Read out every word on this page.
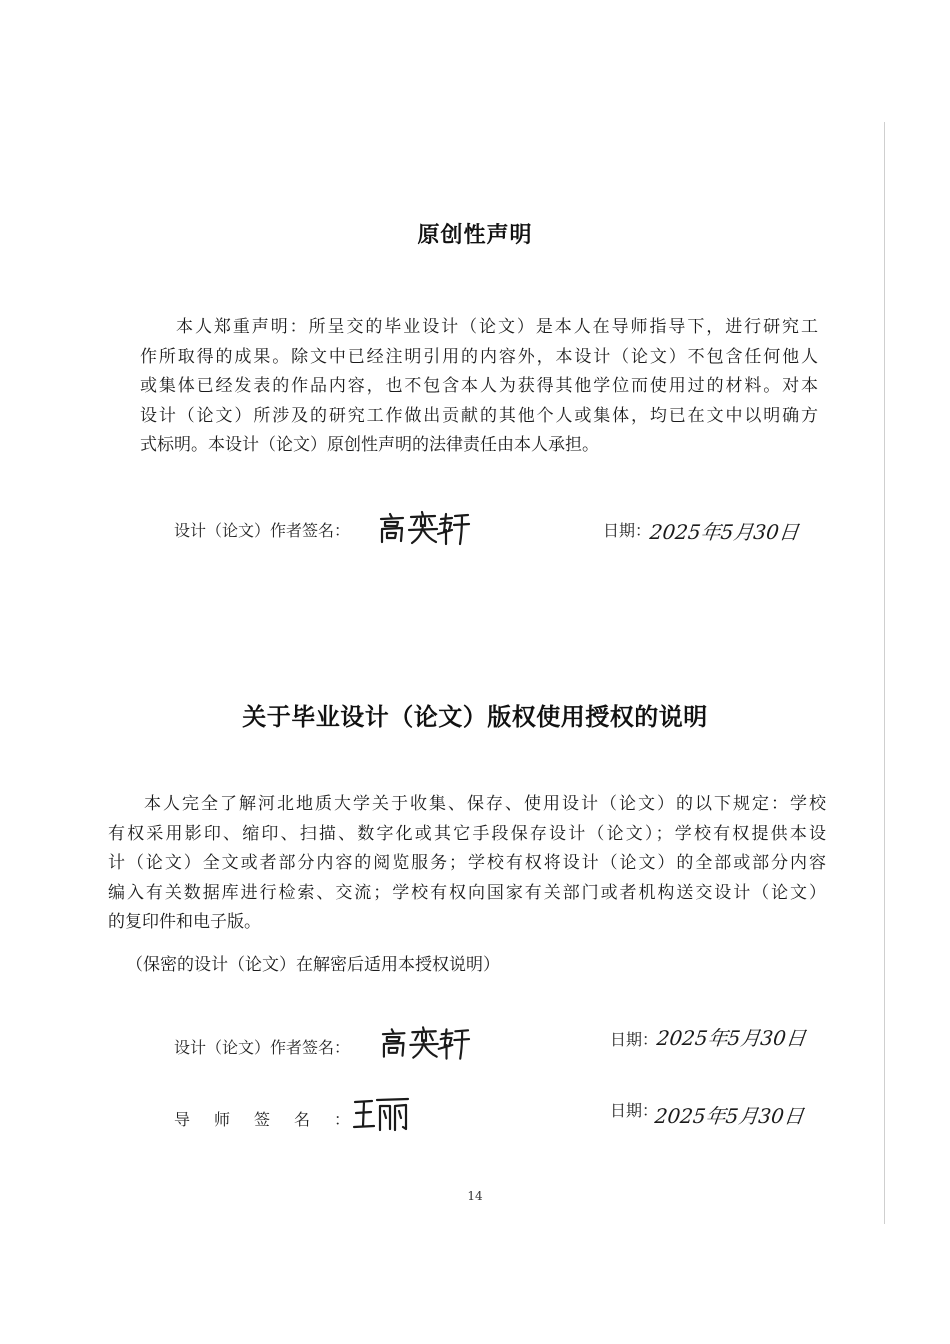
原创性声明
本人郑重声明：所呈交的毕业设计（论文）是本人在导师指导下，进行研究工
作所取得的成果。除文中已经注明引用的内容外，本设计（论文）不包含任何他人
或集体已经发表的作品内容，也不包含本人为获得其他学位而使用过的材料。对本
设计（论文）所涉及的研究工作做出贡献的其他个人或集体，均已在文中以明确方
式标明。本设计（论文）原创性声明的法律责任由本人承担。
设计（论文）作者签名：	日期：
2025年5月30日
关于毕业设计（论文）版权使用授权的说明
本人完全了解河北地质大学关于收集、保存、使用设计（论文）的以下规定：学校
有权采用影印、缩印、扫描、数字化或其它手段保存设计（论文）；学校有权提供本设
计（论文）全文或者部分内容的阅览服务；学校有权将设计（论文）的全部或部分内容
编入有关数据库进行检索、交流；学校有权向国家有关部门或者机构送交设计（论文）
的复印件和电子版。
（保密的设计（论文）在解密后适用本授权说明）
设计（论文）作者签名：	日期：
2025年5月30日
导师签名：	日期：
2025年5月30日
14
